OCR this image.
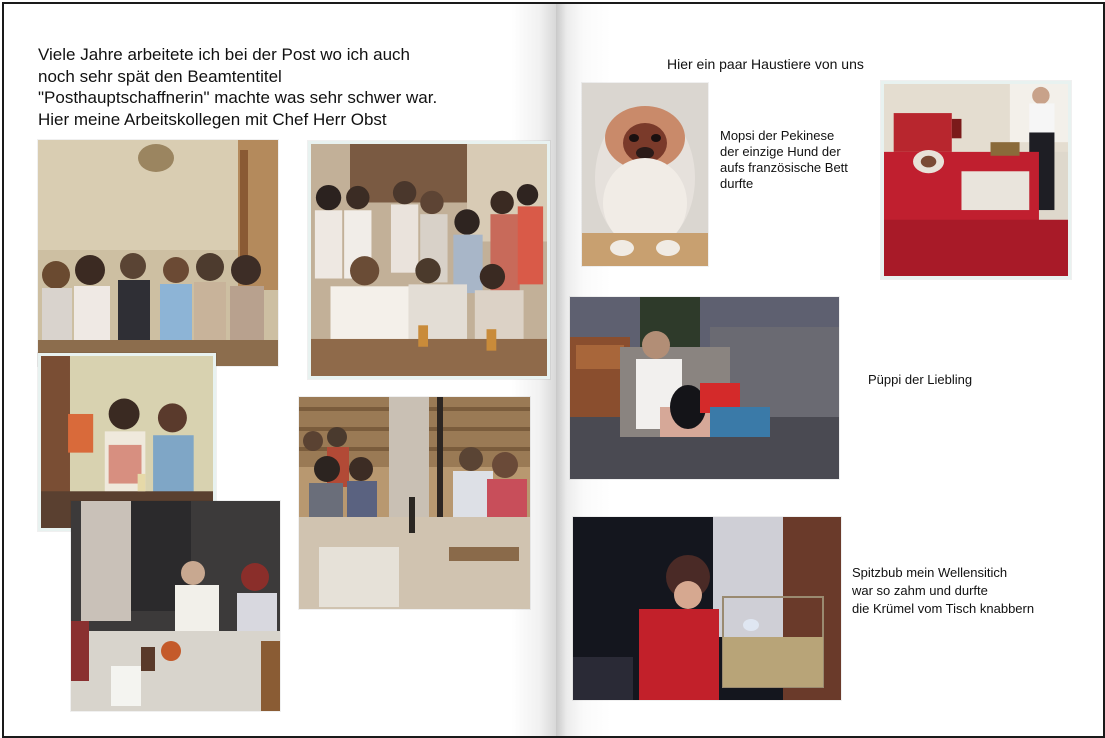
Viele Jahre arbeitete ich bei der Post wo ich auch
noch sehr spät den Beamtentitel
"Posthauptschaffnerin" machte was sehr schwer war.
Hier meine Arbeitskollegen mit Chef Herr Obst
Hier ein paar Haustiere von uns
Mopsi der Pekinese
der einzige Hund der
aufs französische Bett
durfte
Püppi der Liebling
Spitzbub mein Wellensitich
war so zahm und durfte
die Krümel vom Tisch knabbern
